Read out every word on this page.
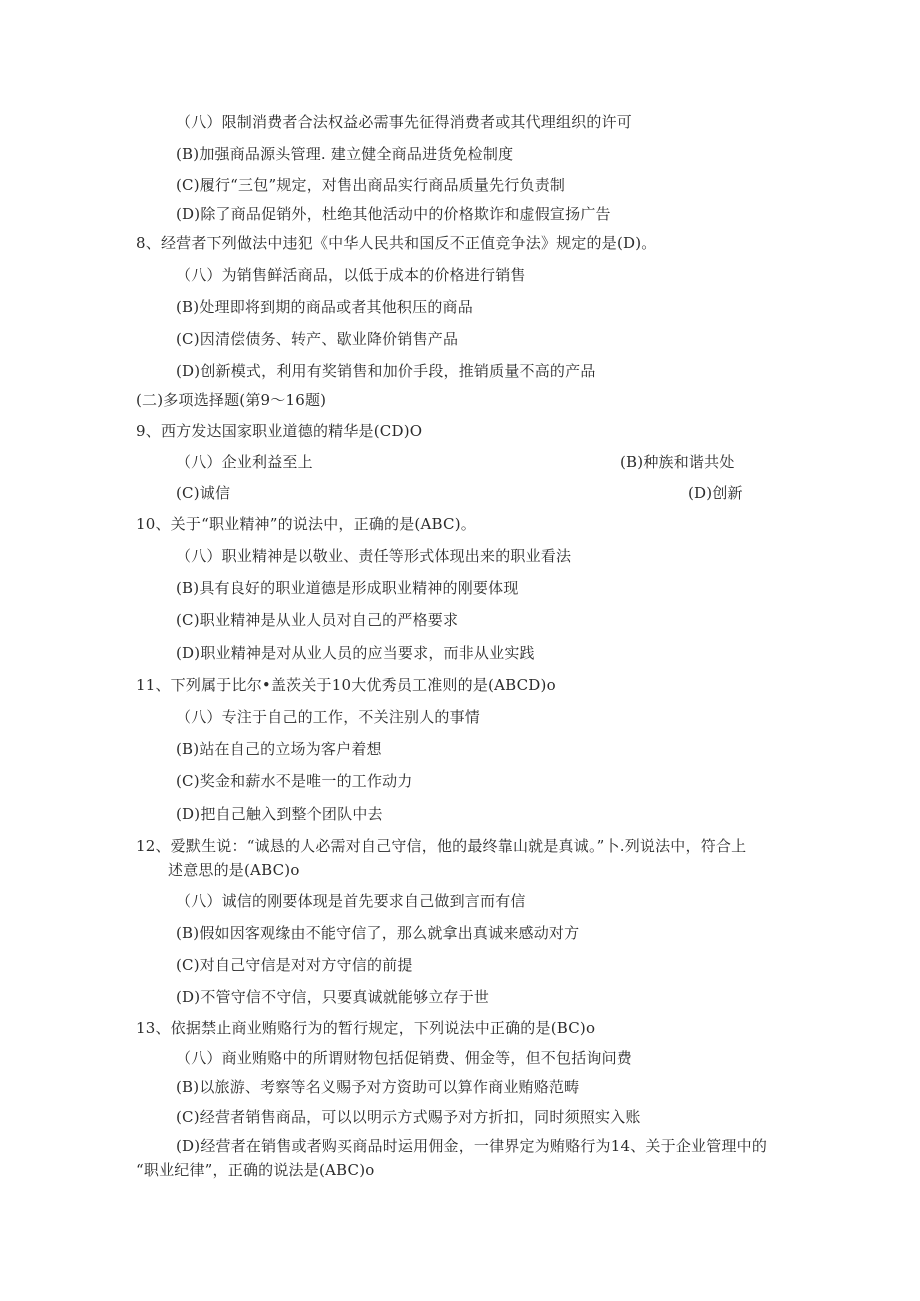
（八）限制消费者合法权益必需事先征得消费者或其代理组织的许可
(B)加强商品源头管理. 建立健全商品进货免检制度
(C)履行“三包”规定，对售出商品实行商品质量先行负责制
(D)除了商品促销外，杜绝其他活动中的价格欺诈和虚假宣扬广告
8、经营者下列做法中违犯《中华人民共和国反不正值竞争法》规定的是(D)。
（八）为销售鲜活商品，以低于成本的价格进行销售
(B)处理即将到期的商品或者其他积压的商品
(C)因清偿债务、转产、歇业降价销售产品
(D)创新模式，利用有奖销售和加价手段，推销质量不高的产品
(二)多项选择题(第9～16题)
9、西方发达国家职业道德的精华是(CD)O
（八）企业利益至上	(B)种族和谐共处
(C)诚信	(D)创新
10、关于“职业精神”的说法中，正确的是(ABC)。
（八）职业精神是以敬业、责任等形式体现出来的职业看法
(B)具有良好的职业道德是形成职业精神的刚要体现
(C)职业精神是从业人员对自己的严格要求
(D)职业精神是对从业人员的应当要求，而非从业实践
11、下列属于比尔•盖茨关于10大优秀员工准则的是(ABCD)o
（八）专注于自己的工作，不关注别人的事情
(B)站在自己的立场为客户着想
(C)奖金和薪水不是唯一的工作动力
(D)把自己触入到整个团队中去
12、爱默生说：“诚恳的人必需对自己守信，他的最终靠山就是真诚。”卜.列说法中，符合上
述意思的是(ABC)o
（八）诚信的刚要体现是首先要求自己做到言而有信
(B)假如因客观缘由不能守信了，那么就拿出真诚来感动对方
(C)对自己守信是对对方守信的前提
(D)不管守信不守信，只要真诚就能够立存于世
13、依据禁止商业贿赂行为的暂行规定，下列说法中正确的是(BC)o
（八）商业贿赂中的所谓财物包括促销费、佣金等，但不包括询问费
(B)以旅游、考察等名义赐予对方资助可以算作商业贿赂范畴
(C)经营者销售商品，可以以明示方式赐予对方折扣，同时须照实入账
(D)经营者在销售或者购买商品时运用佣金，一律界定为贿赂行为14、关于企业管理中的
“职业纪律”，正确的说法是(ABC)o
